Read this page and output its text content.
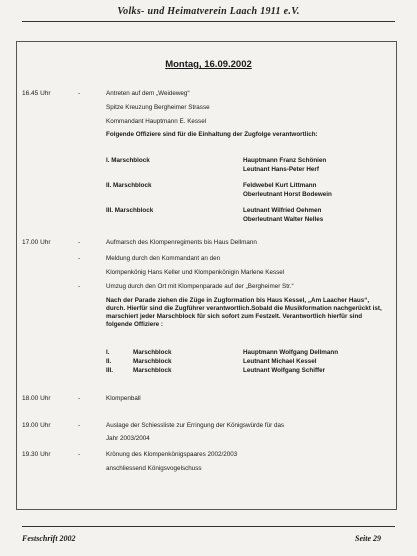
Volks- und Heimatverein Laach 1911 e.V.
Montag, 16.09.2002
16.45 Uhr	-	Antreten auf dem „Weideweg“
Spitze Kreuzung Bergheimer Strasse
Kommandant Hauptmann E. Kessel
Folgende Offiziere sind für die Einhaltung der Zugfolge verantwortlich:
I. Marschblock	Hauptmann Franz Schönien
Leutnant Hans-Peter Herf
II. Marschblock	Feldwebel Kurt Littmann
Oberleutnant Horst Bodewein
III. Marschblock	Leutnant Wilfried Oehmen
Oberleutnant Walter Nelles
17.00 Uhr	-	Aufmarsch des Klompenregiments bis Haus Dellmann
-	Meldung durch den Kommandant an den
Klompenkönig Hans Keller und Klompenkönigin Marlene Kessel
-	Umzug durch den Ort mit Klompenparade auf der „Bergheimer Str.“
Nach der Parade ziehen die Züge in Zugformation bis Haus Kessel, „Am Laacher Haus“, durch. Hierfür sind die Zugführer verantwortlich.Sobald die Musikformation nachgerückt ist, marschiert jeder Marschblock für sich sofort zum Festzelt. Verantwortlich hierfür sind folgende Offiziere :
I.	Marschblock	Hauptmann Wolfgang Dellmann
II.	Marschblock	Leutnant Michael Kessel
III.	Marschblock	Leutnant Wolfgang Schiffer
18.00 Uhr	-	Klompenball
19.00 Uhr	-	Auslage der Schiessliste zur Erringung der Königswürde für das
Jahr 2003/2004
19.30 Uhr	-	Krönung des Klompenkönigspaares 2002/2003
anschliessend Königsvogelschuss
Festschrift 2002	Seite 29
